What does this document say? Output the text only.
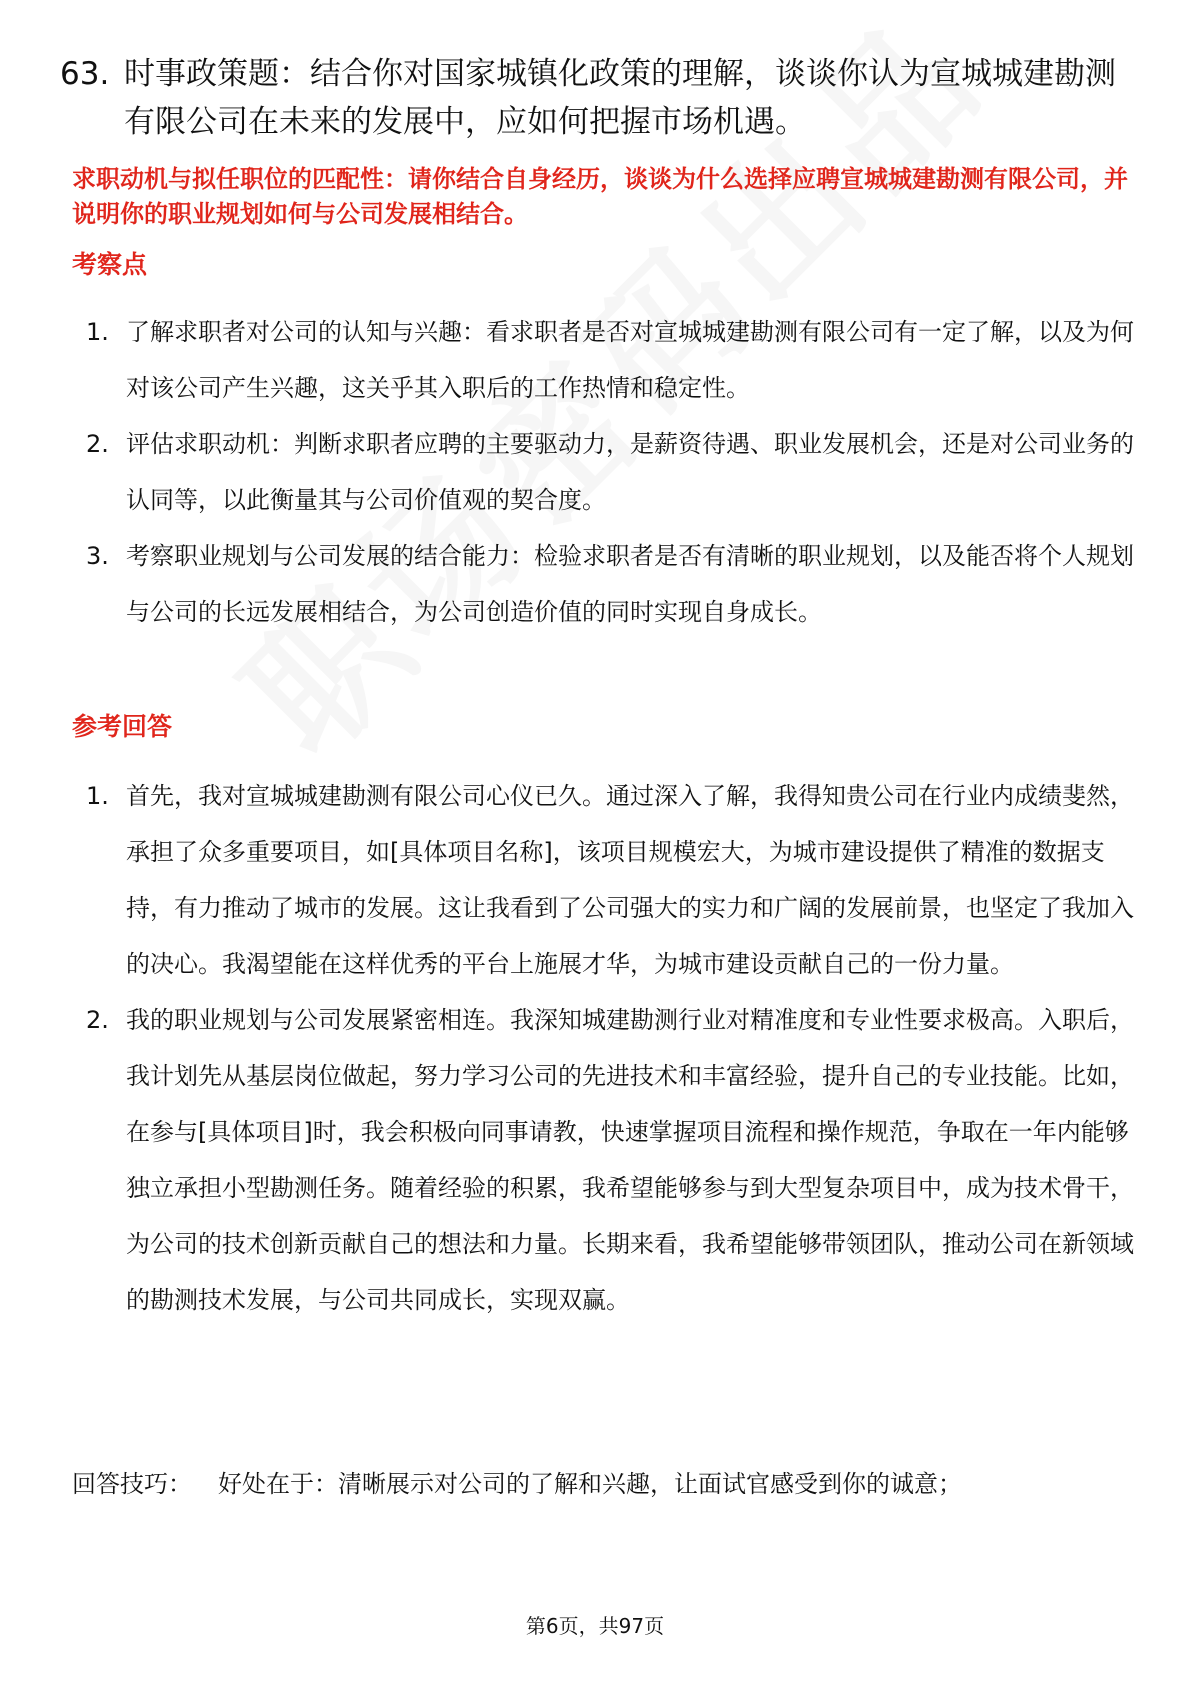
63. 时事政策题：结合你对国家城镇化政策的理解，谈谈你认为宣城城建勘测有限公司在未来的发展中，应如何把握市场机遇。
求职动机与拟任职位的匹配性：请你结合自身经历，谈谈为什么选择应聘宣城城建勘测有限公司，并说明你的职业规划如何与公司发展相结合。
考察点
1. 了解求职者对公司的认知与兴趣：看求职者是否对宣城城建勘测有限公司有一定了解，以及为何对该公司产生兴趣，这关乎其入职后的工作热情和稳定性。
2. 评估求职动机：判断求职者应聘的主要驱动力，是薪资待遇、职业发展机会，还是对公司业务的认同等，以此衡量其与公司价值观的契合度。
3. 考察职业规划与公司发展的结合能力：检验求职者是否有清晰的职业规划，以及能否将个人规划与公司的长远发展相结合，为公司创造价值的同时实现自身成长。
参考回答
1. 首先，我对宣城城建勘测有限公司心仪已久。通过深入了解，我得知贵公司在行业内成绩斐然，承担了众多重要项目，如[具体项目名称]，该项目规模宏大，为城市建设提供了精准的数据支持，有力推动了城市的发展。这让我看到了公司强大的实力和广阔的发展前景，也坚定了我加入的决心。我渴望能在这样优秀的平台上施展才华，为城市建设贡献自己的一份力量。
2. 我的职业规划与公司发展紧密相连。我深知城建勘测行业对精准度和专业性要求极高。入职后，我计划先从基层岗位做起，努力学习公司的先进技术和丰富经验，提升自己的专业技能。比如，在参与[具体项目]时，我会积极向同事请教，快速掌握项目流程和操作规范，争取在一年内能够独立承担小型勘测任务。随着经验的积累，我希望能够参与到大型复杂项目中，成为技术骨干，为公司的技术创新贡献自己的想法和力量。长期来看，我希望能够带领团队，推动公司在新领域的勘测技术发展，与公司共同成长，实现双赢。
回答技巧： 好处在于：清晰展示对公司的了解和兴趣，让面试官感受到你的诚意；
第6页，共97页
